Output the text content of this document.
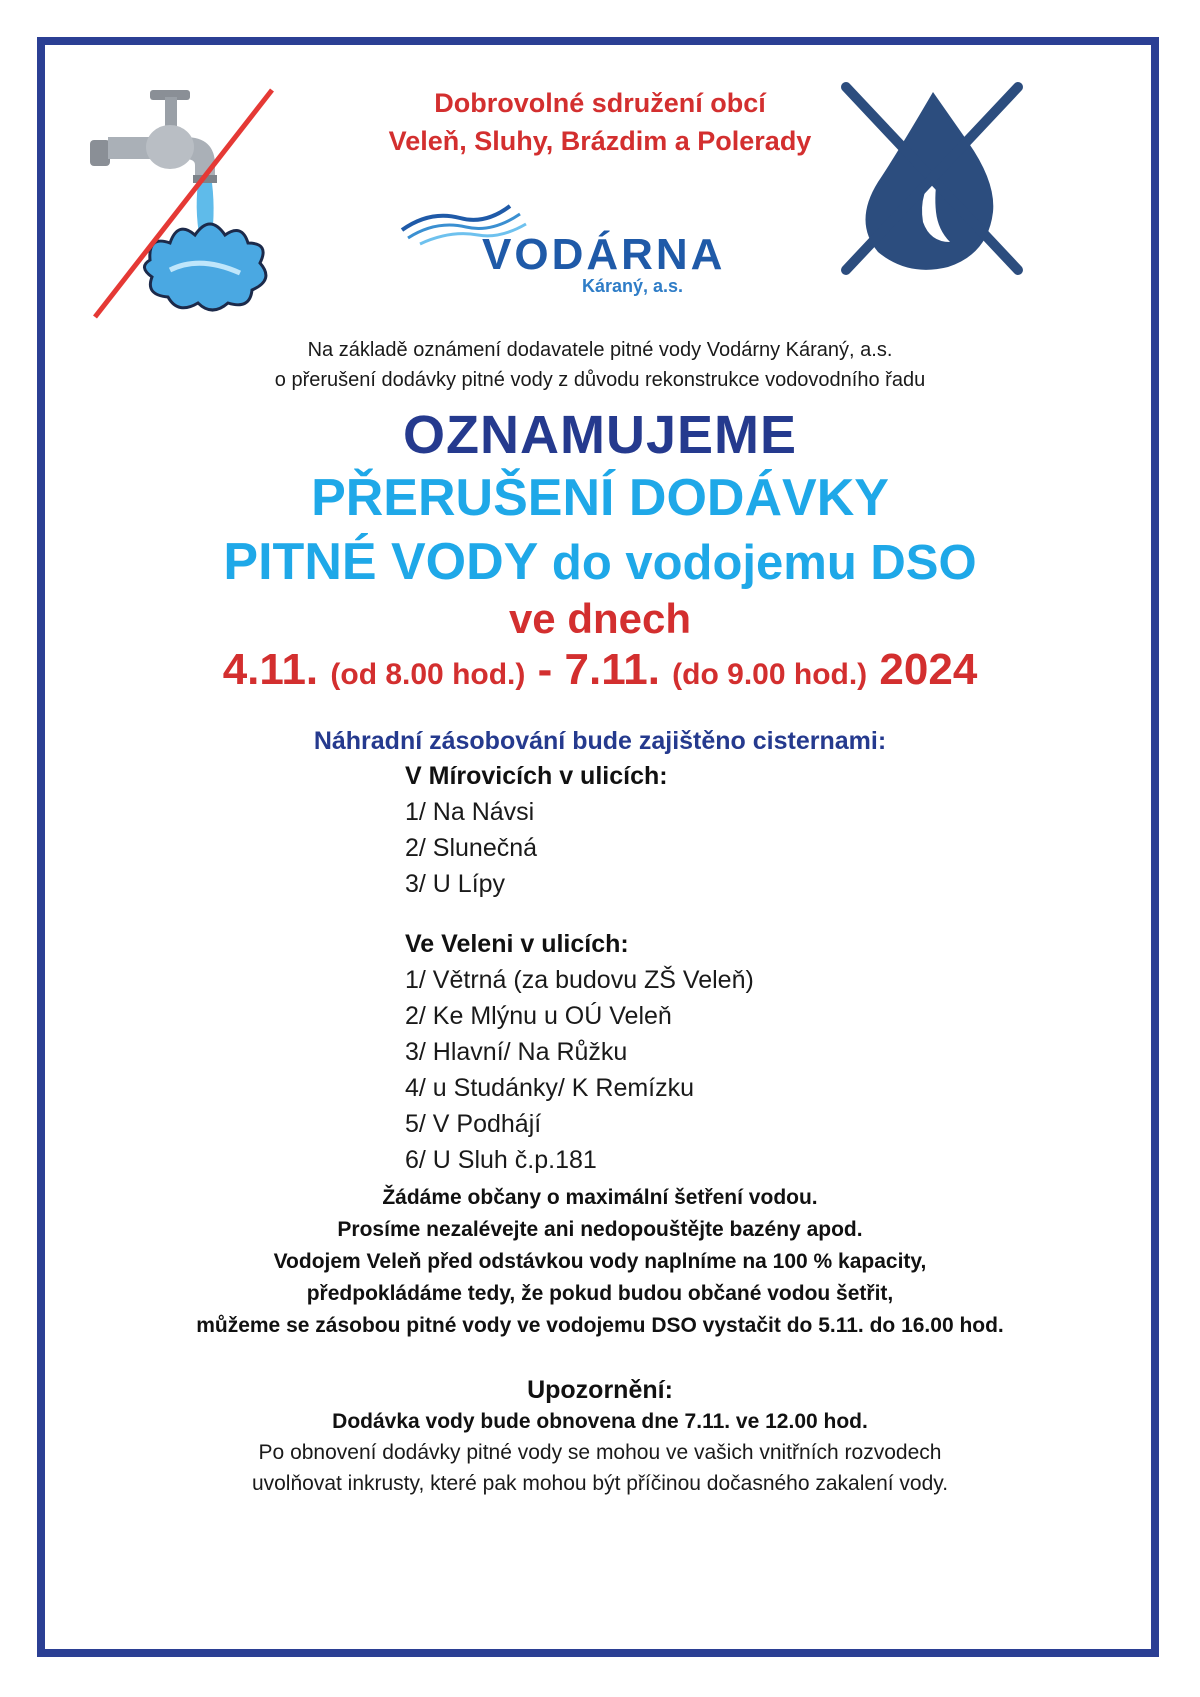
Dobrovolné sdružení obcí
Veleň, Sluhy, Brázdim a Polerady
VODÁRNA
Káraný, a.s.
Na základě oznámení dodavatele pitné vody Vodárny Káraný, a.s.
o přerušení dodávky pitné vody z důvodu rekonstrukce vodovodního řadu
OZNAMUJEME
PŘERUŠENÍ DODÁVKY
PITNÉ VODY do vodojemu DSO
ve dnech
4.11. (od 8.00 hod.) - 7.11. (do 9.00 hod.) 2024
Náhradní zásobování bude zajištěno cisternami:
V Mírovicích v ulicích:
1/ Na Návsi
2/ Slunečná
3/ U Lípy
Ve Veleni v ulicích:
1/ Větrná (za budovu ZŠ Veleň)
2/ Ke Mlýnu u OÚ Veleň
3/ Hlavní/ Na Růžku
4/ u Studánky/ K Remízku
5/ V Podhájí
6/ U Sluh č.p.181
Žádáme občany o maximální šetření vodou.
Prosíme nezalévejte ani nedopouštějte bazény apod.
Vodojem Veleň před odstávkou vody naplníme na 100 % kapacity,
předpokládáme tedy, že pokud budou občané vodou šetřit,
můžeme se zásobou pitné vody ve vodojemu DSO vystačit do 5.11. do 16.00 hod.
Upozornění:
Dodávka vody bude obnovena dne 7.11. ve 12.00 hod.
Po obnovení dodávky pitné vody se mohou ve vašich vnitřních rozvodech
uvolňovat inkrusty, které pak mohou být příčinou dočasného zakalení vody.
